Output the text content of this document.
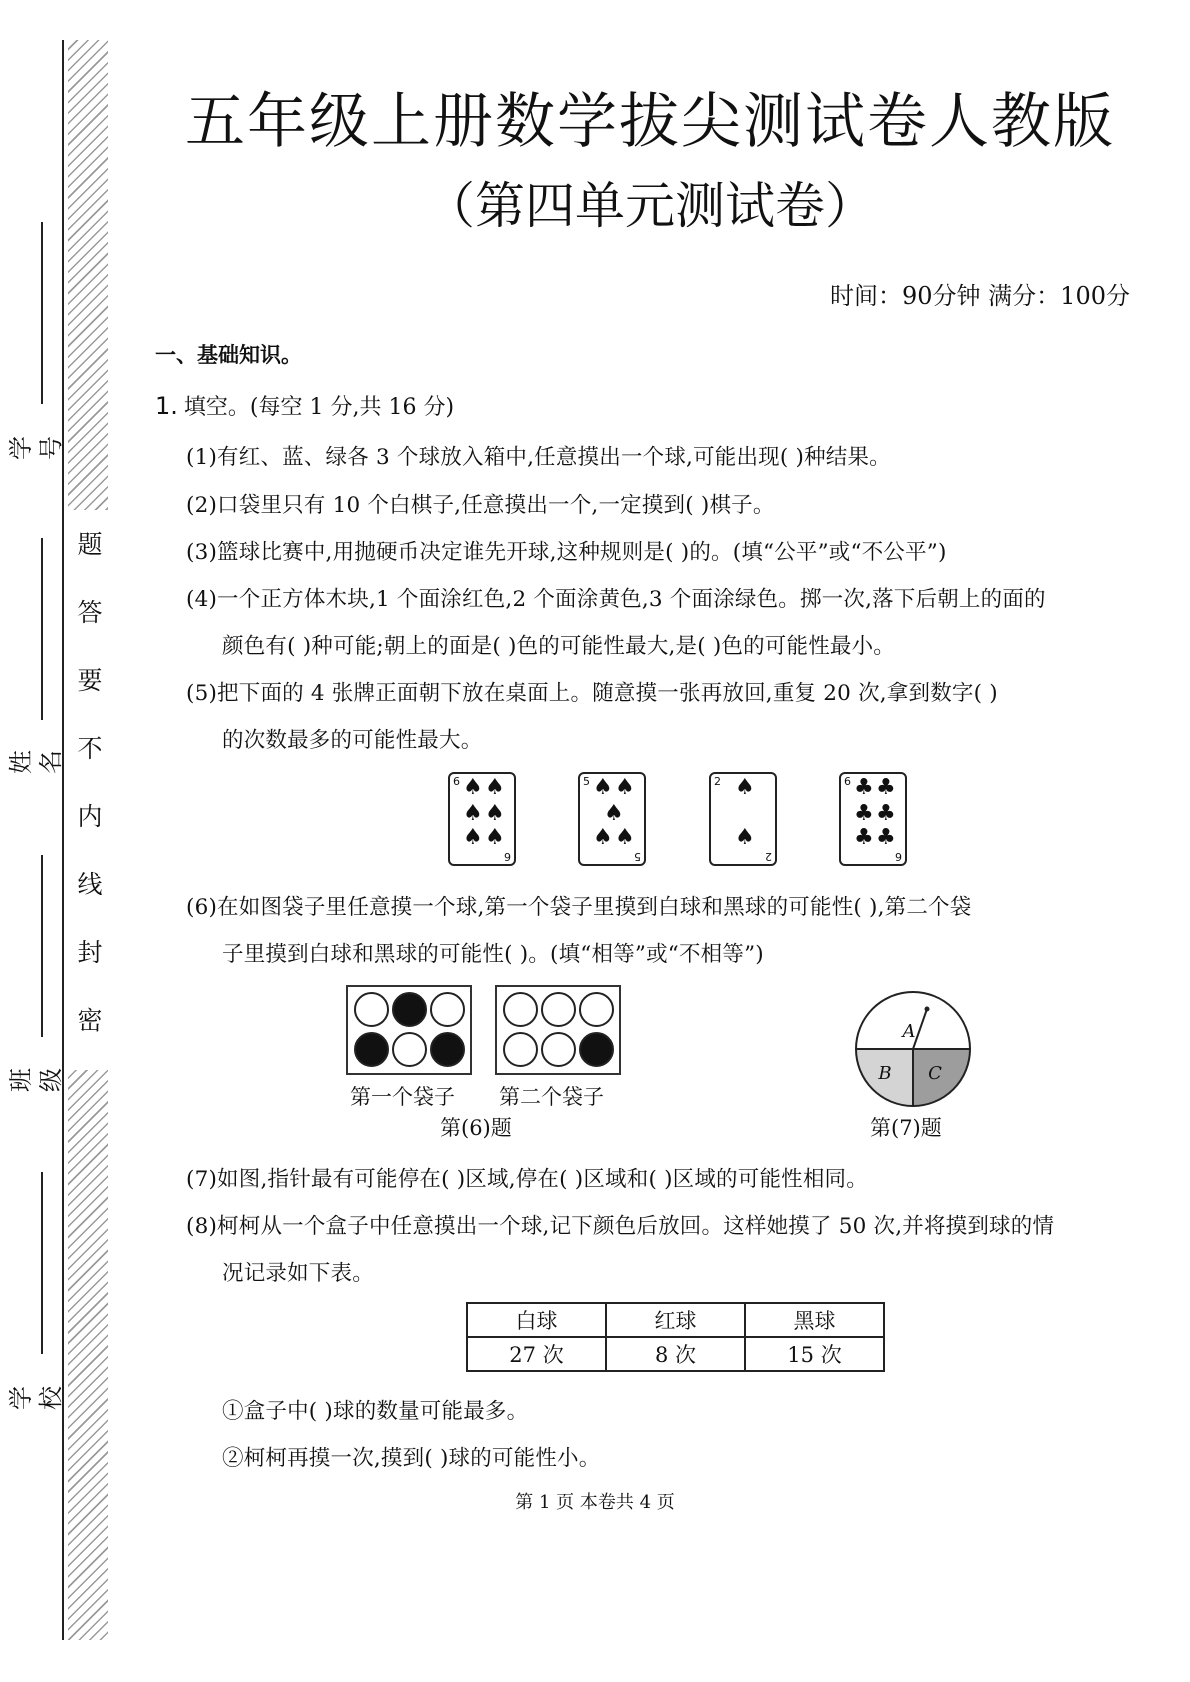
题
答
要
不
内
线
封
密
学号
姓名
班级
学校
五年级上册数学拔尖测试卷人教版
（第四单元测试卷）
时间：90分钟 满分：100分
一、基础知识。
1. 填空。(每空 1 分,共 16 分)
(1)有红、蓝、绿各 3 个球放入箱中,任意摸出一个球,可能出现( )种结果。
(2)口袋里只有 10 个白棋子,任意摸出一个,一定摸到( )棋子。
(3)篮球比赛中,用抛硬币决定谁先开球,这种规则是( )的。(填“公平”或“不公平”)
(4)一个正方体木块,1 个面涂红色,2 个面涂黄色,3 个面涂绿色。掷一次,落下后朝上的面的
颜色有( )种可能;朝上的面是( )色的可能性最大,是( )色的可能性最小。
(5)把下面的 4 张牌正面朝下放在桌面上。随意摸一张再放回,重复 20 次,拿到数字( )
的次数最多的可能性最大。
6
6
♠ ♠
♠ ♠
♠ ♠
5
5
♠ ♠
♠
♠ ♠
2
2
♠
♠
6
6
♣ ♣
♣ ♣
♣ ♣
(6)在如图袋子里任意摸一个球,第一个袋子里摸到白球和黑球的可能性( ),第二个袋
子里摸到白球和黑球的可能性( )。(填“相等”或“不相等”)
第一个袋子 第二个袋子
第(6)题
A
B C
第(7)题
(7)如图,指针最有可能停在( )区域,停在( )区域和( )区域的可能性相同。
(8)柯柯从一个盒子中任意摸出一个球,记下颜色后放回。这样她摸了 50 次,并将摸到球的情
况记录如下表。
白球	红球	黑球
27 次	8 次	15 次
①盒子中( )球的数量可能最多。
②柯柯再摸一次,摸到( )球的可能性小。
第 1 页 本卷共 4 页
